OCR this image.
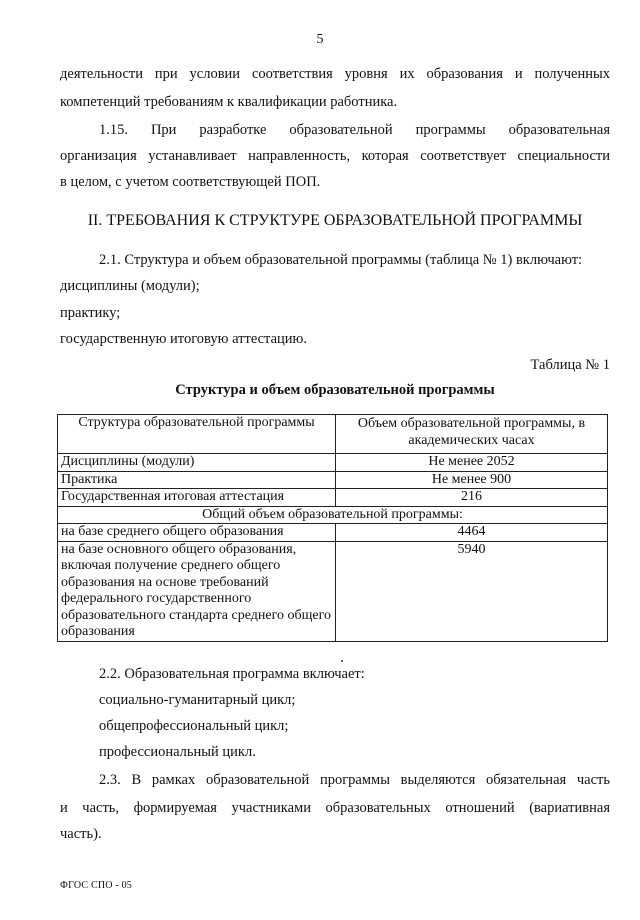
5
деятельности при условии соответствия уровня их образования и полученных
компетенций требованиям к квалификации работника.
1.15. При разработке образовательной программы образовательная
организация устанавливает направленность, которая соответствует специальности
в целом, с учетом соответствующей ПОП.
II. ТРЕБОВАНИЯ К СТРУКТУРЕ ОБРАЗОВАТЕЛЬНОЙ ПРОГРАММЫ
2.1. Структура и объем образовательной программы (таблица № 1) включают:
дисциплины (модули);
практику;
государственную итоговую аттестацию.
Таблица № 1
Структура и объем образовательной программы
Структура образовательной программы	Объем образовательной программы, в академических часах
Дисциплины (модули)	Не менее 2052
Практика	Не менее 900
Государственная итоговая аттестация	216
Общий объем образовательной программы:	
на базе среднего общего образования	4464
на базе основного общего образования, включая получение среднего общего образования на основе требований федерального государственного образовательного стандарта среднего общего образования	5940
2.2. Образовательная программа включает:
социально-гуманитарный цикл;
общепрофессиональный цикл;
профессиональный цикл.
2.3. В рамках образовательной программы выделяются обязательная часть
и часть, формируемая участниками образовательных отношений (вариативная
часть).
ФГОС СПО - 05
